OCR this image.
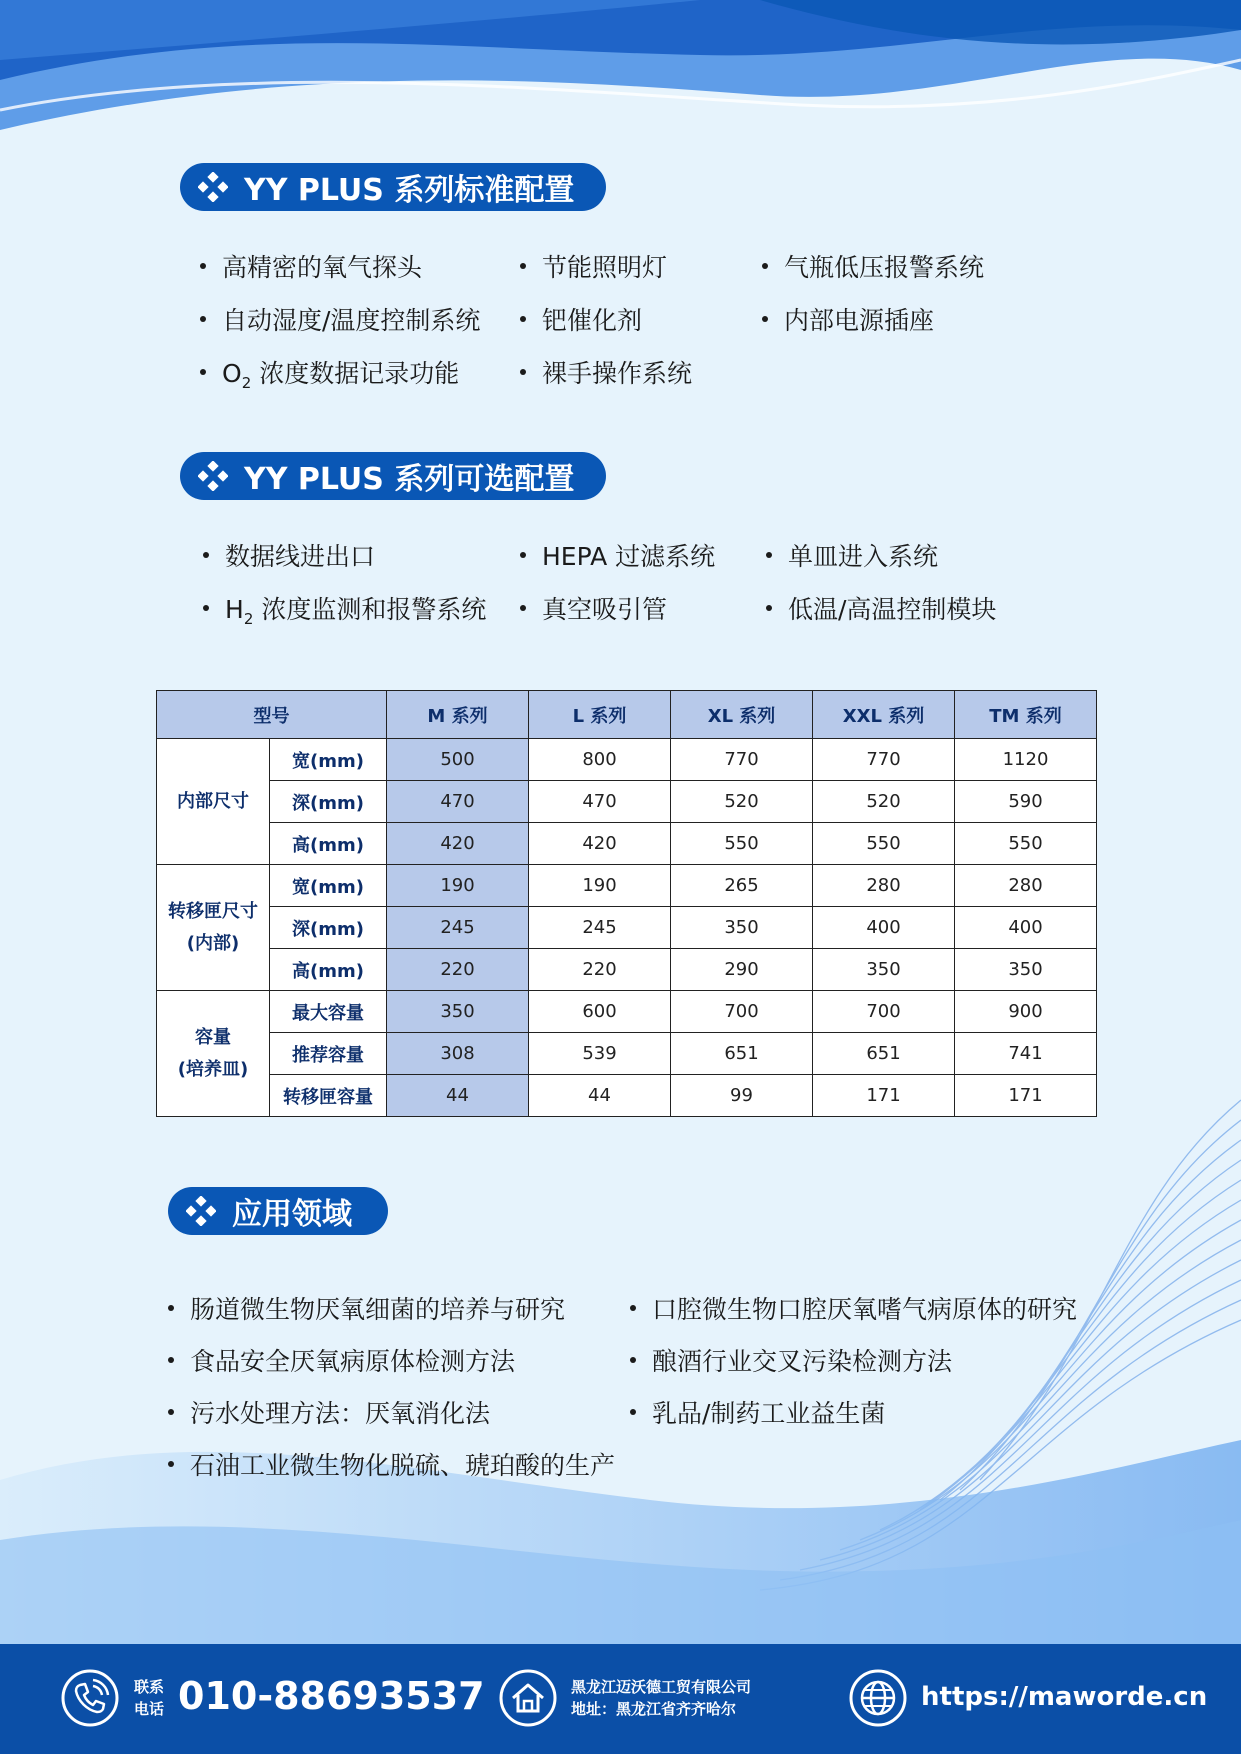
YY PLUS 系列标准配置
高精密的氧气探头	节能照明灯	气瓶低压报警系统
自动湿度/温度控制系统	钯催化剂	内部电源插座
$O_2$ 浓度数据记录功能	裸手操作系统
YY PLUS 系列可选配置
数据线进出口	HEPA 过滤系统	单皿进入系统
$H_2$ 浓度监测和报警系统	真空吸引管	低温/高温控制模块
型号		M 系列	L 系列	XL 系列	XXL 系列	TM 系列

内部尺寸	宽(mm)	500	800	770	770	1120
	深(mm)	470	470	520	520	590
	高(mm)	420	420	550	550	550

转移匣尺寸
(内部)	宽(mm)	190	190	265	280	280
	深(mm)	245	245	350	400	400
	高(mm)	220	220	290	350	350

容量
(培养皿)	最大容量	350	600	700	700	900
	推荐容量	308	539	651	651	741
	转移匣容量	44	44	99	171	171
应用领域
肠道微生物厌氧细菌的培养与研究	口腔微生物口腔厌氧嗜气病原体的研究
食品安全厌氧病原体检测方法	酿酒行业交叉污染检测方法
污水处理方法：厌氧消化法	乳品/制药工业益生菌
石油工业微生物化脱硫、琥珀酸的生产
联系
电话 010-88693537	黑龙江迈沃德工贸有限公司
地址：黑龙江省齐齐哈尔	https://maworde.cn
